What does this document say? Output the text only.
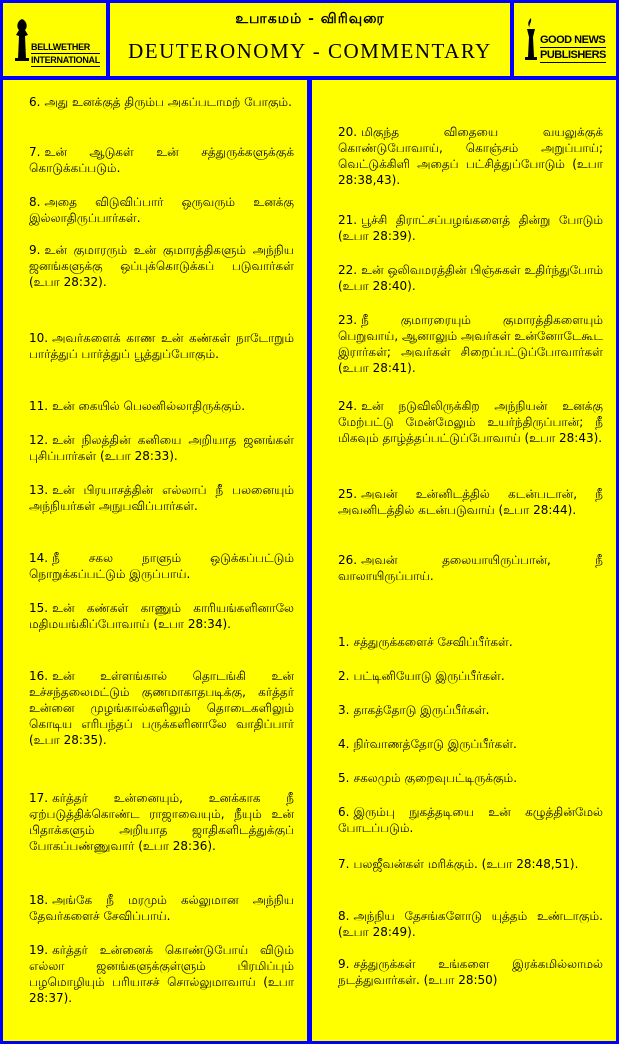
BELLWETHER
INTERNATIONAL
உபாகமம் - விரிவுரை
DEUTERONOMY - COMMENTARY	GOOD NEWS
PUBLISHERS
6. அது உனக்குத் திரும்ப அகப்படாமற் போகும்.
7. உன் ஆடுகள் உன் சத்துருக்களுக்குக் கொடுக்கப்படும்.
8. அதை விடுவிப்பார் ஒருவரும் உனக்கு இல்லாதிருப்பார்கள்.
9. உன் குமாரரும் உன் குமாரத்திகளும் அந்நிய ஜனங்களுக்கு ஒப்புக்கொடுக்கப் படுவார்கள் (உபா 28:32).
10. அவர்களைக் காண உன் கண்கள் நாடோறும் பார்த்துப் பார்த்துப் பூத்துப்போகும்.
11. உன் கையில் பெலனில்லாதிருக்கும்.
12. உன் நிலத்தின் கனியை அறியாத ஜனங்கள் புசிப்பார்கள் (உபா 28:33).
13. உன் பிரயாசத்தின் எல்லாப் நீ பலனையும் அந்நியர்கள் அநுபவிப்பார்கள்.
14. நீ சகல நாளும் ஒடுக்கப்பட்டும் நொறுக்கப்பட்டும் இருப்பாய்.
15. உன் கண்கள் காணும் காரியங்களினாலே மதிமயங்கிப்போவாய் (உபா 28:34).
16. உன் உள்ளங்கால் தொடங்கி உன் உச்சந்தலைமட்டும் குணமாகாதபடிக்கு, கர்த்தர் உன்னை முழங்கால்களிலும் தொடைகளிலும் கொடிய எரிபந்தப் பருக்களினாலே வாதிப்பார் (உபா 28:35).
17. கர்த்தர் உன்னையும், உனக்காக நீ ஏற்படுத்திக்கொண்ட ராஜாவையும், நீயும் உன் பிதாக்களும் அறியாத ஜாதிகளிடத்துக்குப் போகப்பண்ணுவார் (உபா 28:36).
18. அங்கே நீ மரமும் கல்லுமான அந்நிய தேவர்களைச் சேவிப்பாய்.
19. கர்த்தர் உன்னைக் கொண்டுபோய் விடும் எல்லா ஜனங்களுக்குள்ளும் பிரமிப்பும் பழமொழியும் பரியாசச் சொல்லுமாவாய் (உபா 28:37).
20. மிகுந்த விதையை வயலுக்குக் கொண்டுபோவாய், கொஞ்சம் அறுப்பாய்; வெட்டுக்கிளி அதைப் பட்சித்துப்போடும் (உபா 28:38,43).
21. பூச்சி திராட்சப்பழங்களைத் தின்று போடும் (உபா 28:39).
22. உன் ஒலிவமரத்தின் பிஞ்சுகள் உதிர்ந்துபோம் (உபா 28:40).
23. நீ குமாரரையும் குமாரத்திகளையும் பெறுவாய், ஆனாலும் அவர்கள் உன்னோடேகூட இரார்கள்; அவர்கள் சிறைப்பட்டுப்போவார்கள் (உபா 28:41).
24. உன் நடுவிலிருக்கிற அந்நியன் உனக்கு மேற்பட்டு மேன்மேலும் உயர்ந்திருப்பான்; நீ மிகவும் தாழ்த்தப்பட்டுப்போவாய் (உபா 28:43).
25. அவன் உன்னிடத்தில் கடன்படான், நீ அவனிடத்தில் கடன்படுவாய் (உபா 28:44).
26. அவன் தலையாயிருப்பான், நீ வாலாயிருப்பாய்.
1. சத்துருக்களைச் சேவிப்பீர்கள்.
2. பட்டினியோடு இருப்பீர்கள்.
3. தாகத்தோடு இருப்பீர்கள்.
4. நிர்வாணத்தோடு இருப்பீர்கள்.
5. சகலமும் குறைவுபட்டிருக்கும்.
6. இரும்பு நுகத்தடியை உன் கழுத்தின்மேல் போடப்படும்.
7. பலஜீவன்கள் மரிக்கும். (உபா 28:48,51).
8. அந்நிய தேசங்களோடு யுத்தம் உண்டாகும். (உபா 28:49).
9. சத்துருக்கள் உங்களை இரக்கமில்லாமல் நடத்துவார்கள். (உபா 28:50)
